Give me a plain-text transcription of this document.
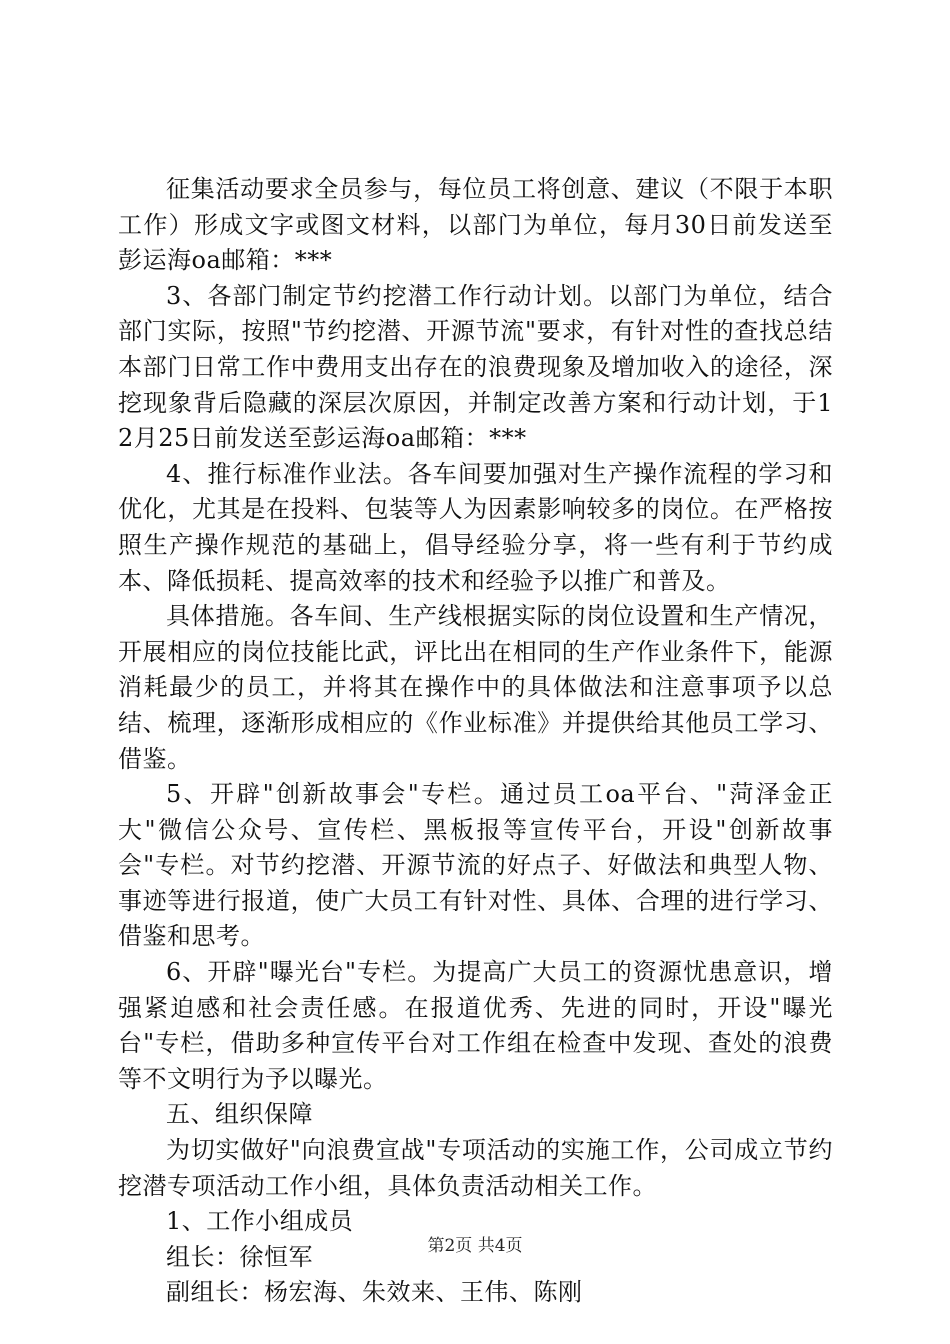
征集活动要求全员参与，每位员工将创意、建议（不限于本职工作）形成文字或图文材料，以部门为单位，每月30日前发送至彭运海oa邮箱：***

3、各部门制定节约挖潜工作行动计划。以部门为单位，结合部门实际，按照"节约挖潜、开源节流"要求，有针对性的查找总结本部门日常工作中费用支出存在的浪费现象及增加收入的途径，深挖现象背后隐藏的深层次原因，并制定改善方案和行动计划，于12月25日前发送至彭运海oa邮箱：***

4、推行标准作业法。各车间要加强对生产操作流程的学习和优化，尤其是在投料、包装等人为因素影响较多的岗位。在严格按照生产操作规范的基础上，倡导经验分享，将一些有利于节约成本、降低损耗、提高效率的技术和经验予以推广和普及。

具体措施。各车间、生产线根据实际的岗位设置和生产情况，开展相应的岗位技能比武，评比出在相同的生产作业条件下，能源消耗最少的员工，并将其在操作中的具体做法和注意事项予以总结、梳理，逐渐形成相应的《作业标准》并提供给其他员工学习、借鉴。

5、开辟"创新故事会"专栏。通过员工oa平台、"菏泽金正大"微信公众号、宣传栏、黑板报等宣传平台，开设"创新故事会"专栏。对节约挖潜、开源节流的好点子、好做法和典型人物、事迹等进行报道，使广大员工有针对性、具体、合理的进行学习、借鉴和思考。

6、开辟"曝光台"专栏。为提高广大员工的资源忧患意识，增强紧迫感和社会责任感。在报道优秀、先进的同时，开设"曝光台"专栏，借助多种宣传平台对工作组在检查中发现、查处的浪费等不文明行为予以曝光。

五、组织保障

为切实做好"向浪费宣战"专项活动的实施工作，公司成立节约挖潜专项活动工作小组，具体负责活动相关工作。

1、工作小组成员

组长：徐恒军

副组长：杨宏海、朱效来、王伟、陈刚

第2页 共4页
